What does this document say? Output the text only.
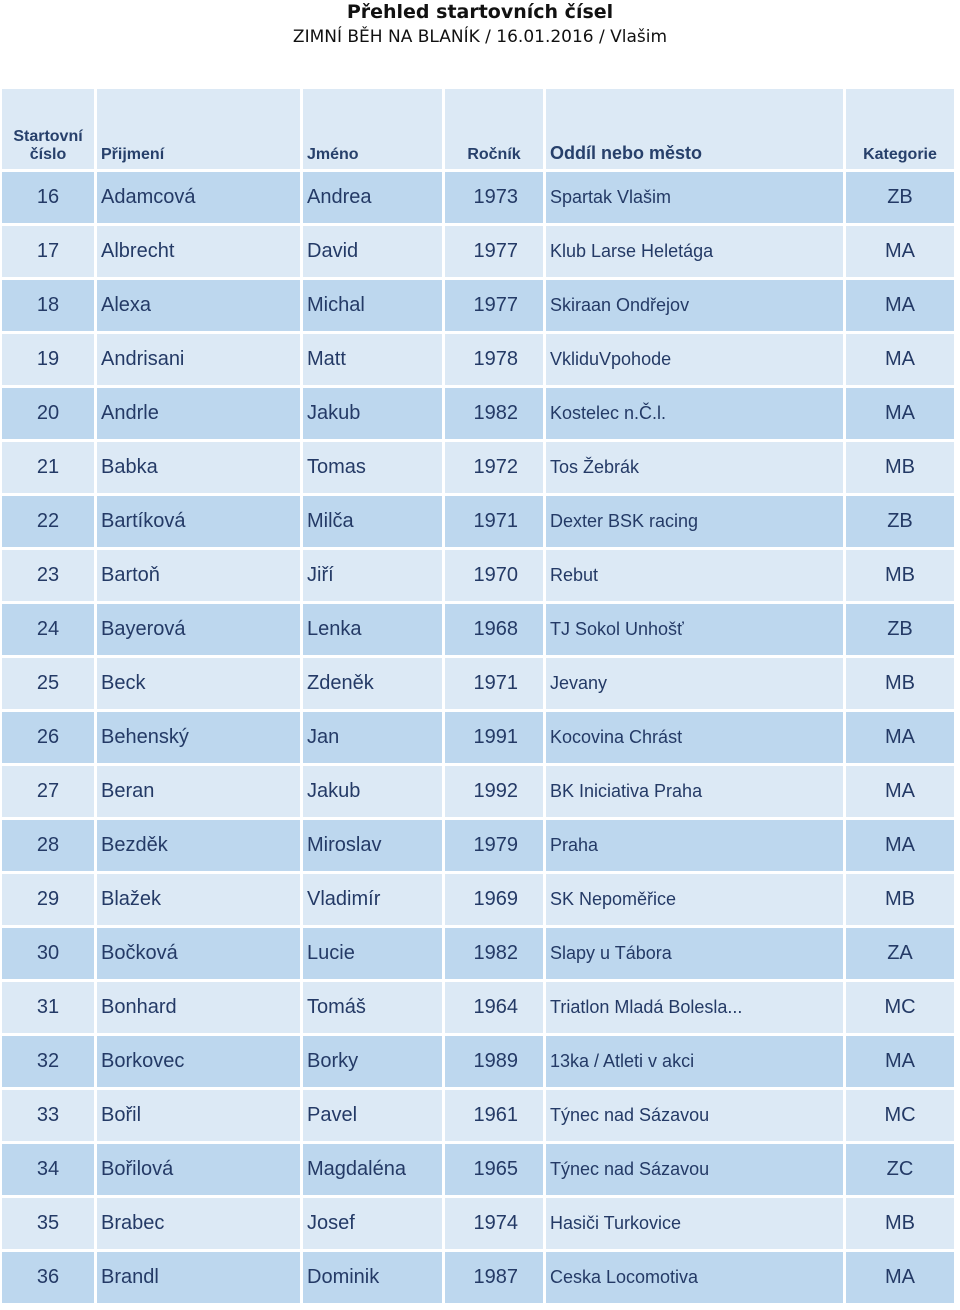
Přehled startovních čísel
ZIMNÍ BĚH NA BLANÍK / 16.01.2016 / Vlašim
Startovní číslo	Přijmení	Jméno	Ročník	Oddíl nebo město	Kategorie
16	Adamcová	Andrea	1973	Spartak Vlašim	ZB
17	Albrecht	David	1977	Klub Larse Heletága	MA
18	Alexa	Michal	1977	Skiraan Ondřejov	MA
19	Andrisani	Matt	1978	VkliduVpohode	MA
20	Andrle	Jakub	1982	Kostelec n.Č.l.	MA
21	Babka	Tomas	1972	Tos Žebrák	MB
22	Bartíková	Milča	1971	Dexter BSK racing	ZB
23	Bartoň	Jiří	1970	Rebut	MB
24	Bayerová	Lenka	1968	TJ Sokol Unhošť	ZB
25	Beck	Zdeněk	1971	Jevany	MB
26	Behenský	Jan	1991	Kocovina Chrást	MA
27	Beran	Jakub	1992	BK Iniciativa Praha	MA
28	Bezděk	Miroslav	1979	Praha	MA
29	Blažek	Vladimír	1969	SK Nepoměřice	MB
30	Bočková	Lucie	1982	Slapy u Tábora	ZA
31	Bonhard	Tomáš	1964	Triatlon Mladá Bolesla...	MC
32	Borkovec	Borky	1989	13ka / Atleti v akci	MA
33	Bořil	Pavel	1961	Týnec nad Sázavou	MC
34	Bořilová	Magdaléna	1965	Týnec nad Sázavou	ZC
35	Brabec	Josef	1974	Hasiči Turkovice	MB
36	Brandl	Dominik	1987	Ceska Locomotiva	MA
